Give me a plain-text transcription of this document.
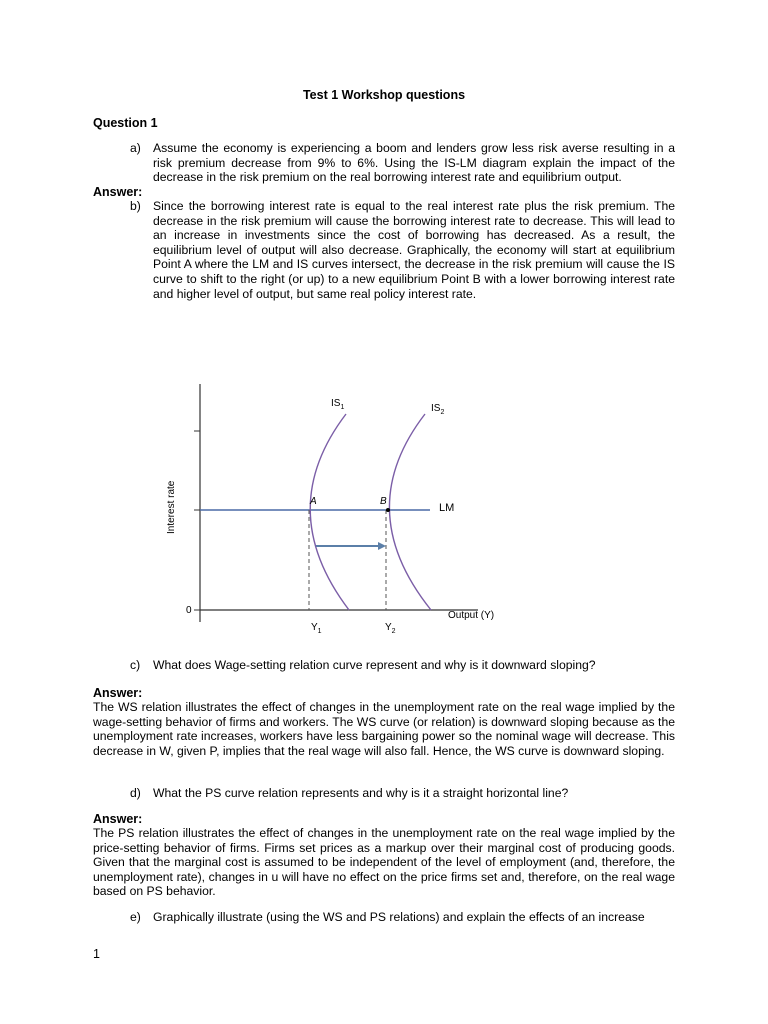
Test 1 Workshop questions
Question 1
a) Assume the economy is experiencing a boom and lenders grow less risk averse resulting in a risk premium decrease from 9% to 6%. Using the IS-LM diagram explain the impact of the decrease in the risk premium on the real borrowing interest rate and equilibrium output.
Answer:
b) Since the borrowing interest rate is equal to the real interest rate plus the risk premium. The decrease in the risk premium will cause the borrowing interest rate to decrease. This will lead to an increase in investments since the cost of borrowing has decreased. As a result, the equilibrium level of output will also decrease. Graphically, the economy will start at equilibrium Point A where the LM and IS curves intersect, the decrease in the risk premium will cause the IS curve to shift to the right (or up) to a new equilibrium Point B with a lower borrowing interest rate and higher level of output, but same real policy interest rate.
Interest rate
Output (Y)
0
$IS_1$	$IS_2$
LM
A	B
$Y_1$	$Y_2$
c) What does Wage-setting relation curve represent and why is it downward sloping?
Answer:
The WS relation illustrates the effect of changes in the unemployment rate on the real wage implied by the wage-setting behavior of firms and workers. The WS curve (or relation) is downward sloping because as the unemployment rate increases, workers have less bargaining power so the nominal wage will decrease. This decrease in W, given P, implies that the real wage will also fall. Hence, the WS curve is downward sloping.
d) What the PS curve relation represents and why is it a straight horizontal line?
Answer:
The PS relation illustrates the effect of changes in the unemployment rate on the real wage implied by the price-setting behavior of firms. Firms set prices as a markup over their marginal cost of producing goods. Given that the marginal cost is assumed to be independent of the level of employment (and, therefore, the unemployment rate), changes in u will have no effect on the price firms set and, therefore, on the real wage based on PS behavior.
e) Graphically illustrate (using the WS and PS relations) and explain the effects of an increase
1
